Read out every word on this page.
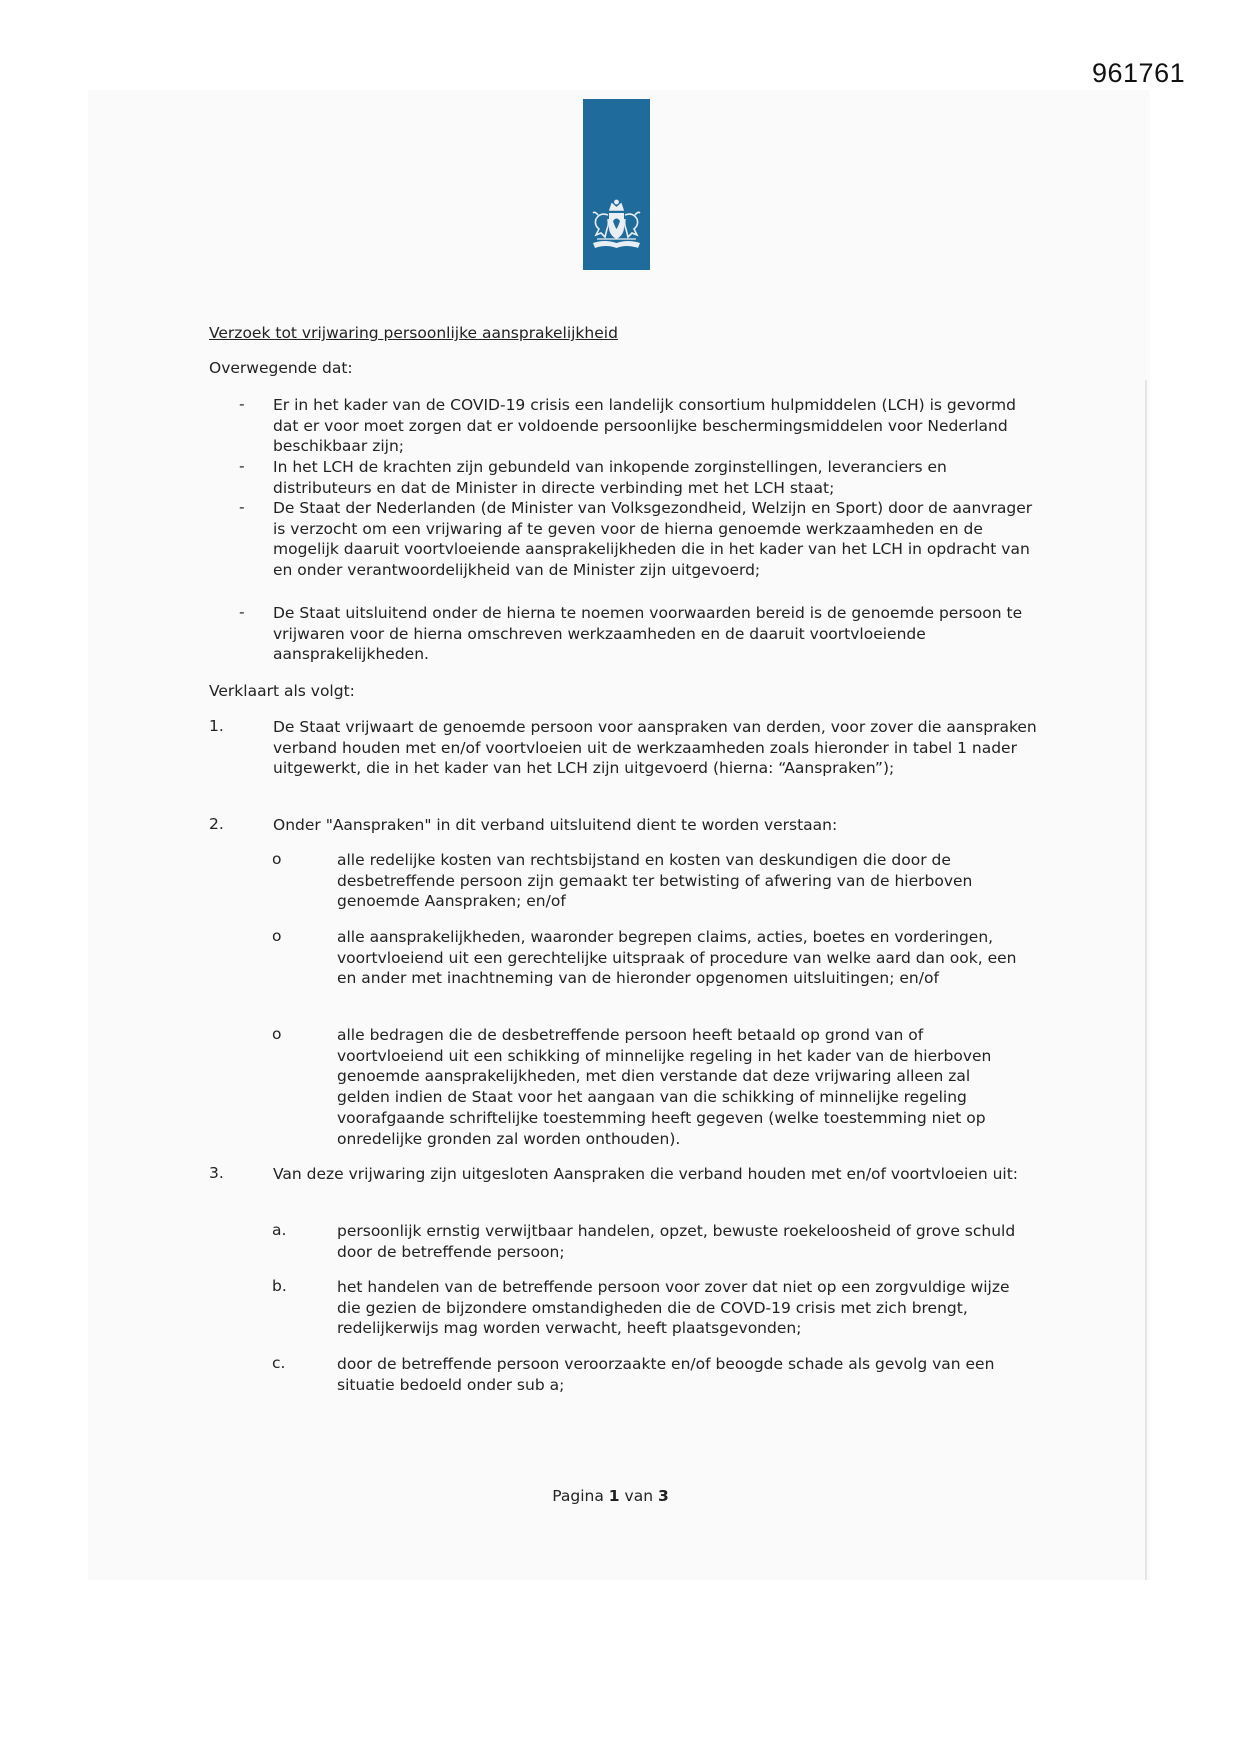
961761
Verzoek tot vrijwaring persoonlijke aansprakelijkheid
Overwegende dat:
- Er in het kader van de COVID-19 crisis een landelijk consortium hulpmiddelen (LCH) is gevormd dat er voor moet zorgen dat er voldoende persoonlijke beschermingsmiddelen voor Nederland beschikbaar zijn;
- In het LCH de krachten zijn gebundeld van inkopende zorginstellingen, leveranciers en distributeurs en dat de Minister in directe verbinding met het LCH staat;
- De Staat der Nederlanden (de Minister van Volksgezondheid, Welzijn en Sport) door de aanvrager is verzocht om een vrijwaring af te geven voor de hierna genoemde werkzaamheden en de mogelijk daaruit voortvloeiende aansprakelijkheden die in het kader van het LCH in opdracht van en onder verantwoordelijkheid van de Minister zijn uitgevoerd;
- De Staat uitsluitend onder de hierna te noemen voorwaarden bereid is de genoemde persoon te vrijwaren voor de hierna omschreven werkzaamheden en de daaruit voortvloeiende aansprakelijkheden.
Verklaart als volgt:
1.	De Staat vrijwaart de genoemde persoon voor aanspraken van derden, voor zover die aanspraken verband houden met en/of voortvloeien uit de werkzaamheden zoals hieronder in tabel 1 nader uitgewerkt, die in het kader van het LCH zijn uitgevoerd (hierna: “Aanspraken”);
2.	Onder "Aanspraken" in dit verband uitsluitend dient te worden verstaan:
o	alle redelijke kosten van rechtsbijstand en kosten van deskundigen die door de desbetreffende persoon zijn gemaakt ter betwisting of afwering van de hierboven genoemde Aanspraken; en/of
o	alle aansprakelijkheden, waaronder begrepen claims, acties, boetes en vorderingen, voortvloeiend uit een gerechtelijke uitspraak of procedure van welke aard dan ook, een en ander met inachtneming van de hieronder opgenomen uitsluitingen; en/of
o	alle bedragen die de desbetreffende persoon heeft betaald op grond van of voortvloeiend uit een schikking of minnelijke regeling in het kader van de hierboven genoemde aansprakelijkheden, met dien verstande dat deze vrijwaring alleen zal gelden indien de Staat voor het aangaan van die schikking of minnelijke regeling voorafgaande schriftelijke toestemming heeft gegeven (welke toestemming niet op onredelijke gronden zal worden onthouden).
3.	Van deze vrijwaring zijn uitgesloten Aanspraken die verband houden met en/of voortvloeien uit:
a.	persoonlijk ernstig verwijtbaar handelen, opzet, bewuste roekeloosheid of grove schuld door de betreffende persoon;
b.	het handelen van de betreffende persoon voor zover dat niet op een zorgvuldige wijze die gezien de bijzondere omstandigheden die de COVD-19 crisis met zich brengt, redelijkerwijs mag worden verwacht, heeft plaatsgevonden;
c.	door de betreffende persoon veroorzaakte en/of beoogde schade als gevolg van een situatie bedoeld onder sub a;
Pagina 1 van 3
